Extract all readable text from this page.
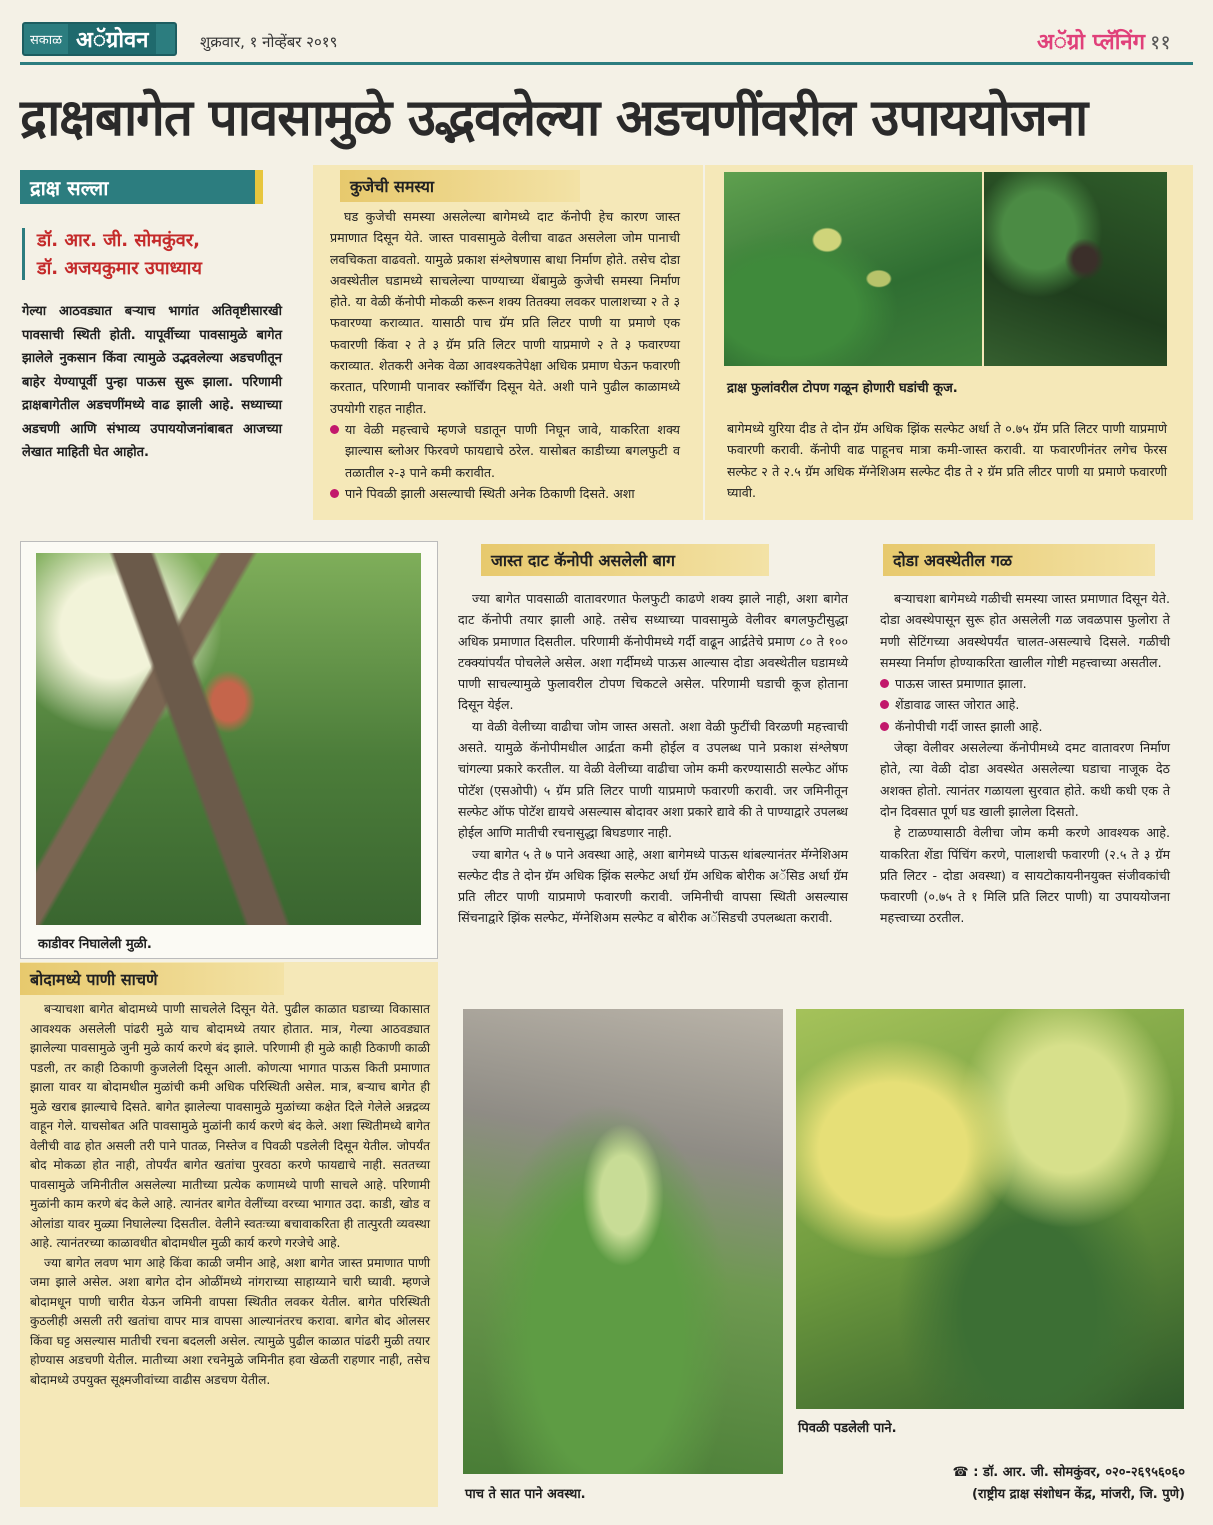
सकाळ अॅग्रोवन	शुक्रवार, १ नोव्हेंबर २०१९	अॅग्रो प्लॅनिंग ११
द्राक्षबागेत पावसामुळे उद्भवलेल्या अडचणींवरील उपाययोजना
द्राक्ष सल्ला
डॉ. आर. जी. सोमकुंवर,
डॉ. अजयकुमार उपाध्याय
गेल्या आठवड्यात बऱ्याच भागांत अतिवृष्टीसारखी पावसाची स्थिती होती. यापूर्वीच्या पावसामुळे बागेत झालेले नुकसान किंवा त्यामुळे उद्भवलेल्या अडचणीतून बाहेर येण्यापूर्वी पुन्हा पाऊस सुरू झाला. परिणामी द्राक्षबागेतील अडचणींमध्ये वाढ झाली आहे. सध्याच्या अडचणी आणि संभाव्य उपाययोजनांबाबत आजच्या लेखात माहिती घेत आहोत.
कुजेची समस्या

घड कुजेची समस्या असलेल्या बागेमध्ये दाट कॅनोपी हेच कारण जास्त प्रमाणात दिसून येते. जास्त पावसामुळे वेलीचा वाढत असलेला जोम पानाची लवचिकता वाढवतो. यामुळे प्रकाश संश्लेषणास बाधा निर्माण होते. तसेच दोडा अवस्थेतील घडामध्ये साचलेल्या पाण्याच्या थेंबामुळे कुजेची समस्या निर्माण होते. या वेळी कॅनोपी मोकळी करून शक्य तितक्या लवकर पालाशच्या २ ते ३ फवारण्या कराव्यात. यासाठी पाच ग्रॅम प्रति लिटर पाणी या प्रमाणे एक फवारणी किंवा २ ते ३ ग्रॅम प्रति लिटर पाणी याप्रमाणे २ ते ३ फवारण्या कराव्यात. शेतकरी अनेक वेळा आवश्यकतेपेक्षा अधिक प्रमाण घेऊन फवारणी करतात, परिणामी पानावर स्कॉर्चिंग दिसून येते. अशी पाने पुढील काळामध्ये उपयोगी राहत नाहीत.

या वेळी महत्त्वाचे म्हणजे घडातून पाणी निघून जावे, याकरिता शक्य झाल्यास ब्लोअर फिरवणे फायद्याचे ठरेल. यासोबत काडीच्या बगलफुटी व तळातील २-३ पाने कमी करावीत.
पाने पिवळी झाली असल्याची स्थिती अनेक ठिकाणी दिसते. अशा
द्राक्ष फुलांवरील टोपण गळून होणारी घडांची कूज.
बागेमध्ये युरिया दीड ते दोन ग्रॅम अधिक झिंक सल्फेट अर्धा ते ०.७५ ग्रॅम प्रति लिटर पाणी याप्रमाणे फवारणी करावी. कॅनोपी वाढ पाहूनच मात्रा कमी-जास्त करावी. या फवारणीनंतर लगेच फेरस सल्फेट २ ते २.५ ग्रॅम अधिक मॅग्नेशिअम सल्फेट दीड ते २ ग्रॅम प्रति लीटर पाणी या प्रमाणे फवारणी घ्यावी.
काडीवर निघालेली मुळी.
जास्त दाट कॅनोपी असलेली बाग

ज्या बागेत पावसाळी वातावरणात फेलफुटी काढणे शक्य झाले नाही, अशा बागेत दाट कॅनोपी तयार झाली आहे. तसेच सध्याच्या पावसामुळे वेलीवर बगलफुटीसुद्धा अधिक प्रमाणात दिसतील. परिणामी कॅनोपीमध्ये गर्दी वाढून आर्द्रतेचे प्रमाण ८० ते १०० टक्क्यांपर्यंत पोचलेले असेल. अशा गर्दीमध्ये पाऊस आल्यास दोडा अवस्थेतील घडामध्ये पाणी साचल्यामुळे फुलावरील टोपण चिकटले असेल. परिणामी घडाची कूज होताना दिसून येईल.

या वेळी वेलीच्या वाढीचा जोम जास्त असतो. अशा वेळी फुटींची विरळणी महत्त्वाची असते. यामुळे कॅनोपीमधील आर्द्रता कमी होईल व उपलब्ध पाने प्रकाश संश्लेषण चांगल्या प्रकारे करतील. या वेळी वेलीच्या वाढीचा जोम कमी करण्यासाठी सल्फेट ऑफ पोटॅश (एसओपी) ५ ग्रॅम प्रति लिटर पाणी याप्रमाणे फवारणी करावी. जर जमिनीतून सल्फेट ऑफ पोटॅश द्यायचे असल्यास बोदावर अशा प्रकारे द्यावे की ते पाण्याद्वारे उपलब्ध होईल आणि मातीची रचनासुद्धा बिघडणार नाही.

ज्या बागेत ५ ते ७ पाने अवस्था आहे, अशा बागेमध्ये पाऊस थांबल्यानंतर मॅग्नेशिअम सल्फेट दीड ते दोन ग्रॅम अधिक झिंक सल्फेट अर्धा ग्रॅम अधिक बोरीक अॅसिड अर्धा ग्रॅम प्रति लीटर पाणी याप्रमाणे फवारणी करावी. जमिनीची वापसा स्थिती असल्यास सिंचनाद्वारे झिंक सल्फेट, मॅग्नेशिअम सल्फेट व बोरीक अॅसिडची उपलब्धता करावी.

दोडा अवस्थेतील गळ

बऱ्याचशा बागेमध्ये गळीची समस्या जास्त प्रमाणात दिसून येते. दोडा अवस्थेपासून सुरू होत असलेली गळ जवळपास फुलोरा ते मणी सेटिंगच्या अवस्थेपर्यंत चालत-असल्याचे दिसले. गळीची समस्या निर्माण होण्याकरिता खालील गोष्टी महत्त्वाच्या असतील.

पाऊस जास्त प्रमाणात झाला.
शेंडावाढ जास्त जोरात आहे.
कॅनोपीची गर्दी जास्त झाली आहे.

जेव्हा वेलीवर असलेल्या कॅनोपीमध्ये दमट वातावरण निर्माण होते, त्या वेळी दोडा अवस्थेत असलेल्या घडाचा नाजूक देठ अशक्त होतो. त्यानंतर गळायला सुरवात होते. कधी कधी एक ते दोन दिवसात पूर्ण घड खाली झालेला दिसतो.

हे टाळण्यासाठी वेलीचा जोम कमी करणे आवश्यक आहे. याकरिता शेंडा पिंचिंग करणे, पालाशची फवारणी (२.५ ते ३ ग्रॅम प्रति लिटर - दोडा अवस्था) व सायटोकायनीनयुक्त संजीवकांची फवारणी (०.७५ ते १ मिलि प्रति लिटर पाणी) या उपाययोजना महत्त्वाच्या ठरतील.

बोदामध्ये पाणी साचणे

बऱ्याचशा बागेत बोदामध्ये पाणी साचलेले दिसून येते. पुढील काळात घडाच्या विकासात आवश्यक असलेली पांढरी मुळे याच बोदामध्ये तयार होतात. मात्र, गेल्या आठवड्यात झालेल्या पावसामुळे जुनी मुळे कार्य करणे बंद झाले. परिणामी ही मुळे काही ठिकाणी काळी पडली, तर काही ठिकाणी कुजलेली दिसून आली. कोणत्या भागात पाऊस किती प्रमाणात झाला यावर या बोदामधील मुळांची कमी अधिक परिस्थिती असेल. मात्र, बऱ्याच बागेत ही मुळे खराब झाल्याचे दिसते. बागेत झालेल्या पावसामुळे मुळांच्या कक्षेत दिले गेलेले अन्नद्रव्य वाहून गेले. याचसोबत अति पावसामुळे मुळांनी कार्य करणे बंद केले. अशा स्थितीमध्ये बागेत वेलीची वाढ होत असली तरी पाने पातळ, निस्तेज व पिवळी पडलेली दिसून येतील. जोपर्यंत बोद मोकळा होत नाही, तोपर्यंत बागेत खतांचा पुरवठा करणे फायद्याचे नाही. सततच्या पावसामुळे जमिनीतील असलेल्या मातीच्या प्रत्येक कणामध्ये पाणी साचले आहे. परिणामी मुळांनी काम करणे बंद केले आहे. त्यानंतर बागेत वेलींच्या वरच्या भागात उदा. काडी, खोड व ओलांडा यावर मुळ्या निघालेल्या दिसतील. वेलीने स्वतःच्या बचावाकरिता ही तात्पुरती व्यवस्था आहे. त्यानंतरच्या काळावधीत बोदामधील मुळी कार्य करणे गरजेचे आहे.

ज्या बागेत लवण भाग आहे किंवा काळी जमीन आहे, अशा बागेत जास्त प्रमाणात पाणी जमा झाले असेल. अशा बागेत दोन ओळींमध्ये नांगराच्या साहाय्याने चारी घ्यावी. म्हणजे बोदामधून पाणी चारीत येऊन जमिनी वापसा स्थितीत लवकर येतील. बागेत परिस्थिती कुठलीही असली तरी खतांचा वापर मात्र वापसा आल्यानंतरच करावा. बागेत बोद ओलसर किंवा घट्ट असल्यास मातीची रचना बदलली असेल. त्यामुळे पुढील काळात पांढरी मुळी तयार होण्यास अडचणी येतील. मातीच्या अशा रचनेमुळे जमिनीत हवा खेळती राहणार नाही, तसेच बोदामध्ये उपयुक्त सूक्ष्मजीवांच्या वाढीस अडचण येतील.

पाच ते सात पाने अवस्था.
पिवळी पडलेली पाने.
☎ : डॉ. आर. जी. सोमकुंवर, ०२०-२६९५६०६०
(राष्ट्रीय द्राक्ष संशोधन केंद्र, मांजरी, जि. पुणे)
